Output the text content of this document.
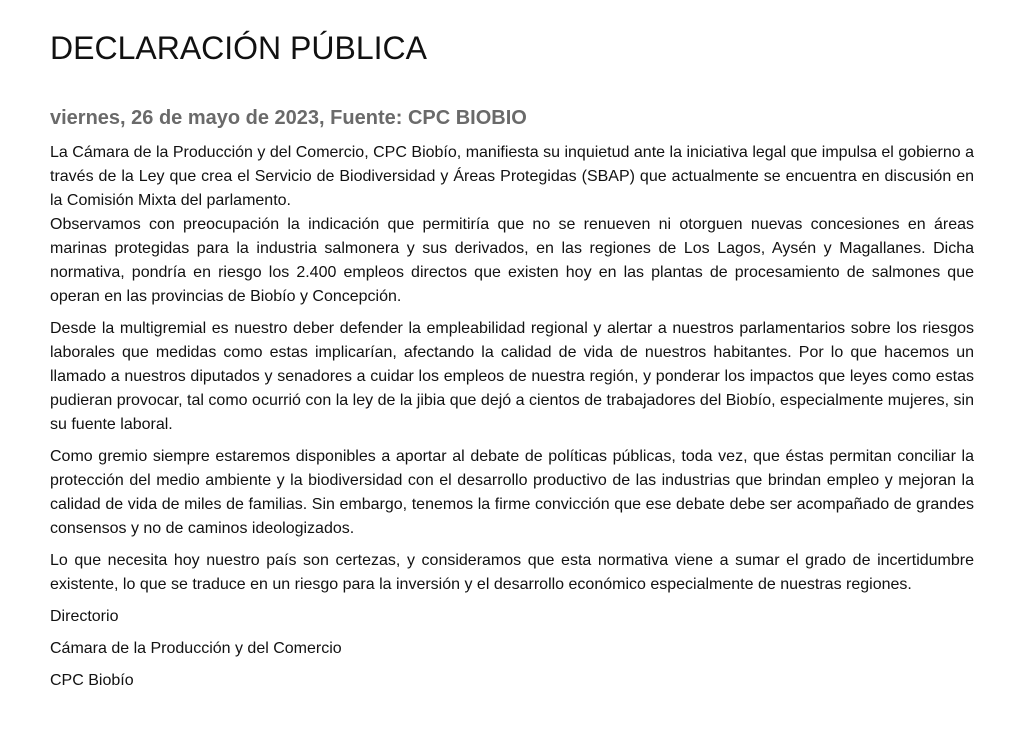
DECLARACIÓN PÚBLICA
viernes, 26 de mayo de 2023, Fuente: CPC BIOBIO

La Cámara de la Producción y del Comercio, CPC Biobío, manifiesta su inquietud ante la iniciativa legal que impulsa el gobierno a través de la Ley que crea el Servicio de Biodiversidad y Áreas Protegidas (SBAP) que actualmente se encuentra en discusión en la Comisión Mixta del parlamento.

Observamos con preocupación la indicación que permitiría que no se renueven ni otorguen nuevas concesiones en áreas marinas protegidas para la industria salmonera y sus derivados, en las regiones de Los Lagos, Aysén y Magallanes. Dicha normativa, pondría en riesgo los 2.400 empleos directos que existen hoy en las plantas de procesamiento de salmones que operan en las provincias de Biobío y Concepción.

Desde la multigremial es nuestro deber defender la empleabilidad regional y alertar a nuestros parlamentarios sobre los riesgos laborales que medidas como estas implicarían, afectando la calidad de vida de nuestros habitantes. Por lo que hacemos un llamado a nuestros diputados y senadores a cuidar los empleos de nuestra región, y ponderar los impactos que leyes como estas pudieran provocar, tal como ocurrió con la ley de la jibia que dejó a cientos de trabajadores del Biobío, especialmente mujeres, sin su fuente laboral.

Como gremio siempre estaremos disponibles a aportar al debate de políticas públicas, toda vez, que éstas permitan conciliar la protección del medio ambiente y la biodiversidad con el desarrollo productivo de las industrias que brindan empleo y mejoran la calidad de vida de miles de familias. Sin embargo, tenemos la firme convicción que ese debate debe ser acompañado de grandes consensos y no de caminos ideologizados.

Lo que necesita hoy nuestro país son certezas, y consideramos que esta normativa viene a sumar el grado de incertidumbre existente, lo que se traduce en un riesgo para la inversión y el desarrollo económico especialmente de nuestras regiones.

Directorio

Cámara de la Producción y del Comercio

CPC Biobío
